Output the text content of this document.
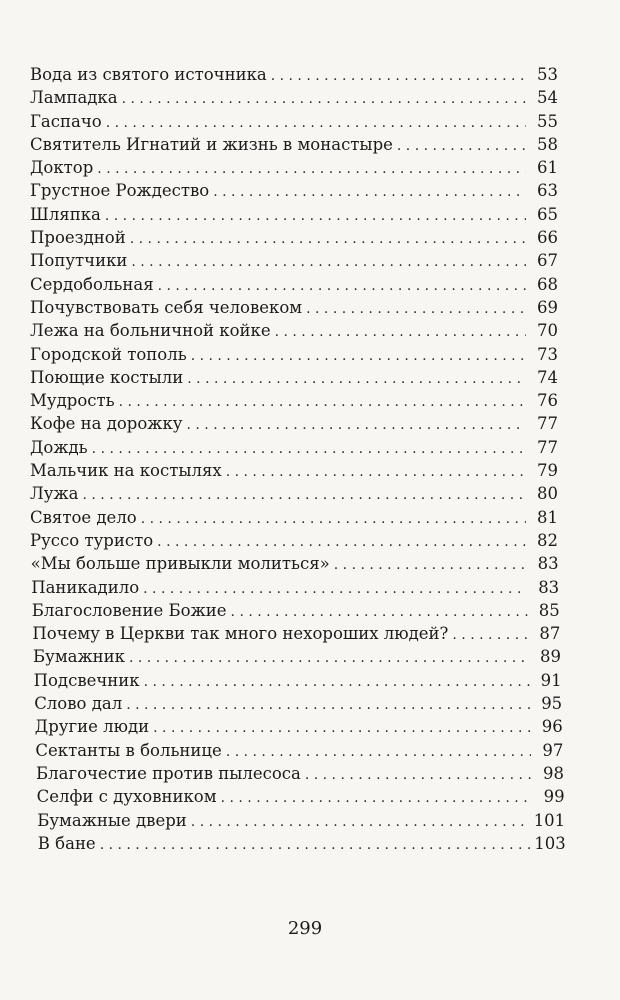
Вода из святого источника . . .	53
Лампадка . . .	54
Гаспачо . . .	55
Святитель Игнатий и жизнь в монастыре . . .	58
Доктор . . .	61
Грустное Рождество . . .	63
Шляпка . . .	65
Проездной . . .	66
Попутчики . . .	67
Сердобольная . . .	68
Почувствовать себя человеком . . .	69
Лежа на больничной койке . . .	70
Городской тополь . . .	73
Поющие костыли . . .	74
Мудрость . . .	76
Кофе на дорожку . . .	77
Дождь . . .	77
Мальчик на костылях . . .	79
Лужа . . .	80
Святое дело . . .	81
Руссо туристо . . .	82
«Мы больше привыкли молиться» . . .	83
Паникадило . . .	83
Благословение Божие . . .	85
Почему в Церкви так много нехороших людей? . . .	87
Бумажник . . .	89
Подсвечник . . .	91
Слово дал . . .	95
Другие люди . . .	96
Сектанты в больнице . . .	97
Благочестие против пылесоса . . .	98
Селфи с духовником . . .	99
Бумажные двери . . .	101
В бане . . .	103
299
